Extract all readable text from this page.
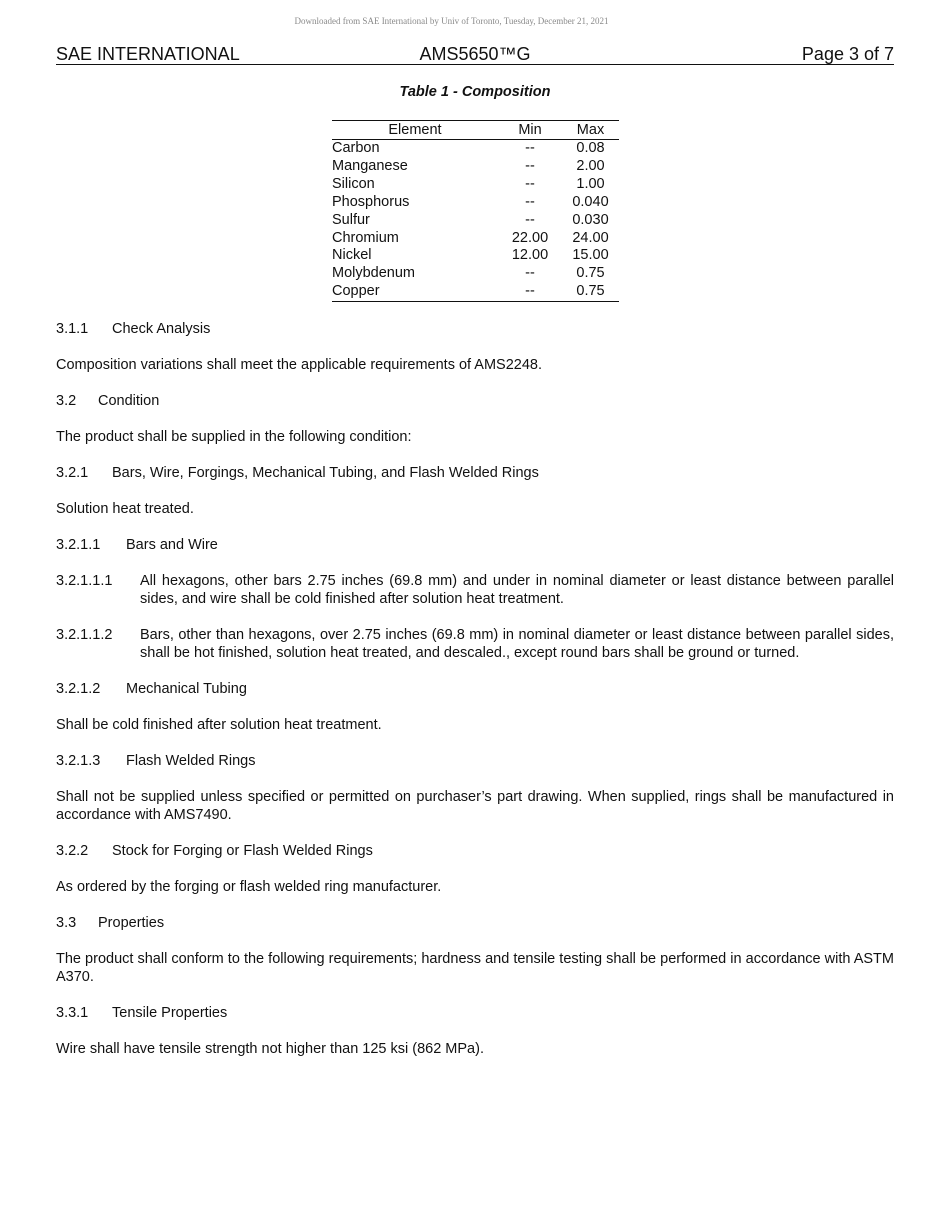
Downloaded from SAE International by Univ of Toronto, Tuesday, December 21, 2021
SAE INTERNATIONAL	AMS5650™G	Page 3 of 7
Table 1 - Composition
Element	Min	Max
Carbon	--	0.08
Manganese	--	2.00
Silicon	--	1.00
Phosphorus	--	0.040
Sulfur	--	0.030
Chromium	22.00	24.00
Nickel	12.00	15.00
Molybdenum	--	0.75
Copper	--	0.75
3.1.1 Check Analysis
Composition variations shall meet the applicable requirements of AMS2248.
3.2 Condition
The product shall be supplied in the following condition:
3.2.1 Bars, Wire, Forgings, Mechanical Tubing, and Flash Welded Rings
Solution heat treated.
3.2.1.1 Bars and Wire
3.2.1.1.1	All hexagons, other bars 2.75 inches (69.8 mm) and under in nominal diameter or least distance between parallel sides, and wire shall be cold finished after solution heat treatment.
3.2.1.1.2	Bars, other than hexagons, over 2.75 inches (69.8 mm) in nominal diameter or least distance between parallel sides, shall be hot finished, solution heat treated, and descaled., except round bars shall be ground or turned.
3.2.1.2 Mechanical Tubing
Shall be cold finished after solution heat treatment.
3.2.1.3 Flash Welded Rings
Shall not be supplied unless specified or permitted on purchaser’s part drawing. When supplied, rings shall be manufactured in accordance with AMS7490.
3.2.2 Stock for Forging or Flash Welded Rings
As ordered by the forging or flash welded ring manufacturer.
3.3 Properties
The product shall conform to the following requirements; hardness and tensile testing shall be performed in accordance with ASTM A370.
3.3.1 Tensile Properties
Wire shall have tensile strength not higher than 125 ksi (862 MPa).
